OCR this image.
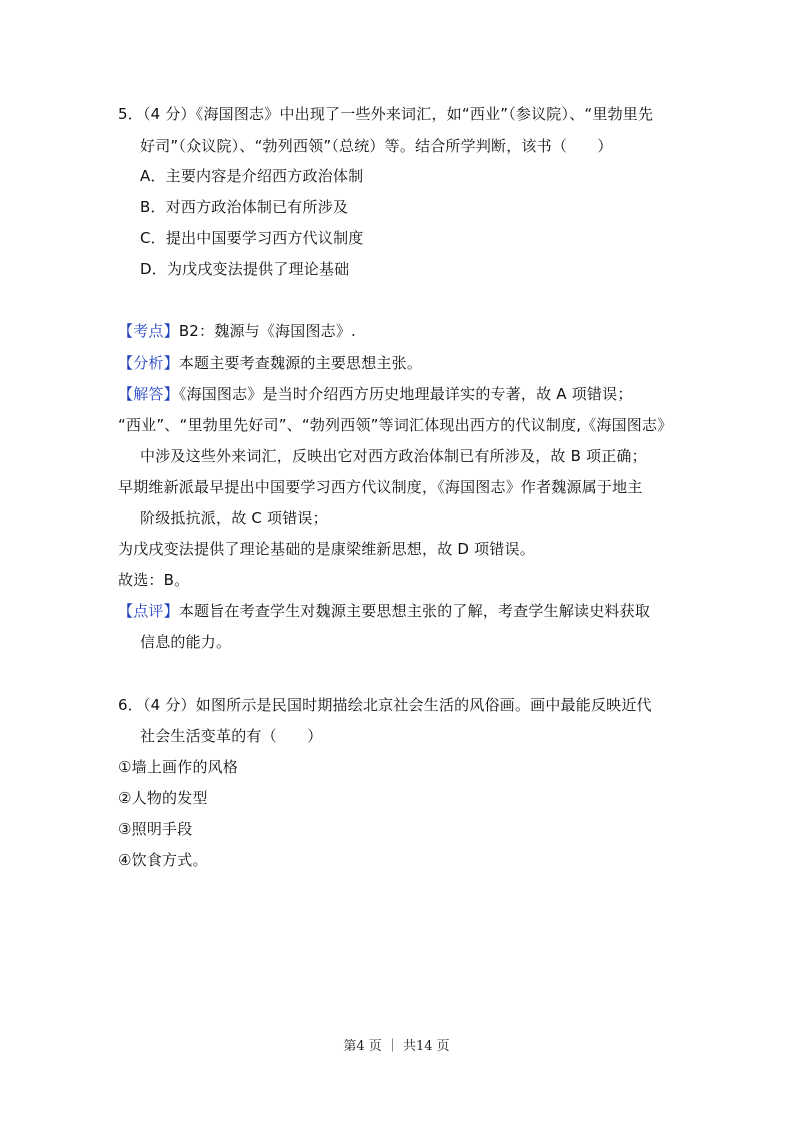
5．（4 分）《海国图志》中出现了一些外来词汇，如“西业”（参议院）、“里勃里先
好司”（众议院）、“勃列西领”（总统）等。结合所学判断，该书（　　）
A．主要内容是介绍西方政治体制
B．对西方政治体制已有所涉及
C．提出中国要学习西方代议制度
D．为戊戌变法提供了理论基础
【考点】B2：魏源与《海国图志》.
【分析】本题主要考查魏源的主要思想主张。
【解答】《海国图志》是当时介绍西方历史地理最详实的专著，故 A 项错误；
“西业”、“里勃里先好司”、“勃列西领”等词汇体现出西方的代议制度,《海国图志》
中涉及这些外来词汇，反映出它对西方政治体制已有所涉及，故 B 项正确；
早期维新派最早提出中国要学习西方代议制度，《海国图志》作者魏源属于地主
阶级抵抗派，故 C 项错误；
为戊戌变法提供了理论基础的是康梁维新思想，故 D 项错误。
故选：B。
【点评】本题旨在考查学生对魏源主要思想主张的了解，考查学生解读史料获取
信息的能力。
6．（4 分）如图所示是民国时期描绘北京社会生活的风俗画。画中最能反映近代
社会生活变革的有（　　）
①墙上画作的风格
②人物的发型
③照明手段
④饮食方式。
第4 页 ｜ 共14 页
